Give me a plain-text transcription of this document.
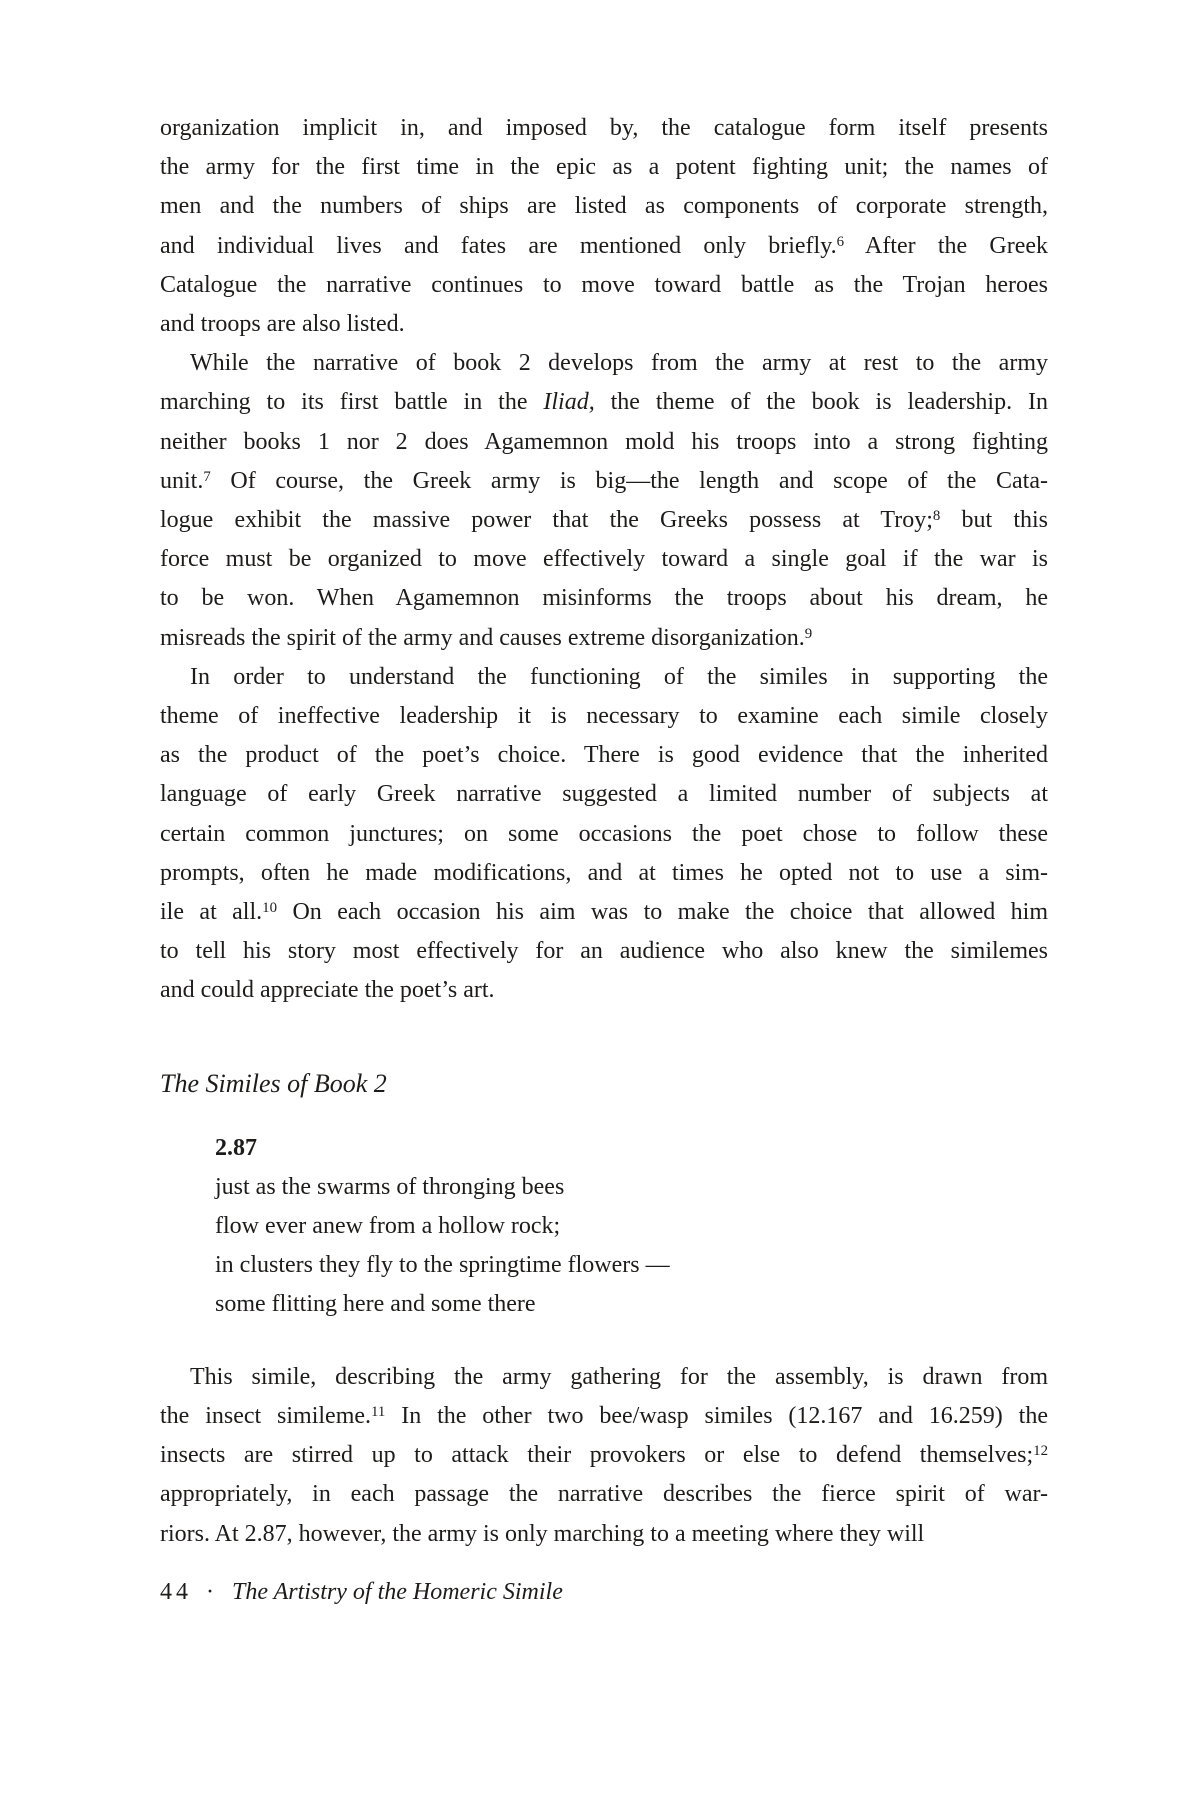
organization implicit in, and imposed by, the catalogue form itself presents
the army for the first time in the epic as a potent fighting unit; the names of
men and the numbers of ships are listed as components of corporate strength,
and individual lives and fates are mentioned only briefly.$^6$ After the Greek
Catalogue the narrative continues to move toward battle as the Trojan heroes
and troops are also listed.
While the narrative of book 2 develops from the army at rest to the army
marching to its first battle in the Iliad, the theme of the book is leadership. In
neither books 1 nor 2 does Agamemnon mold his troops into a strong fighting
unit.$^7$ Of course, the Greek army is big—the length and scope of the Cata-
logue exhibit the massive power that the Greeks possess at Troy;$^8$ but this
force must be organized to move effectively toward a single goal if the war is
to be won. When Agamemnon misinforms the troops about his dream, he
misreads the spirit of the army and causes extreme disorganization.$^9$
In order to understand the functioning of the similes in supporting the
theme of ineffective leadership it is necessary to examine each simile closely
as the product of the poet’s choice. There is good evidence that the inherited
language of early Greek narrative suggested a limited number of subjects at
certain common junctures; on some occasions the poet chose to follow these
prompts, often he made modifications, and at times he opted not to use a sim-
ile at all.$^{10}$ On each occasion his aim was to make the choice that allowed him
to tell his story most effectively for an audience who also knew the similemes
and could appreciate the poet’s art.
The Similes of Book 2
2.87
just as the swarms of thronging bees
flow ever anew from a hollow rock;
in clusters they fly to the springtime flowers —
some flitting here and some there
This simile, describing the army gathering for the assembly, is drawn from
the insect simileme.$^{11}$ In the other two bee/wasp similes (12.167 and 16.259) the
insects are stirred up to attack their provokers or else to defend themselves;$^{12}$
appropriately, in each passage the narrative describes the fierce spirit of war-
riors. At 2.87, however, the army is only marching to a meeting where they will
44 · The Artistry of the Homeric Simile
